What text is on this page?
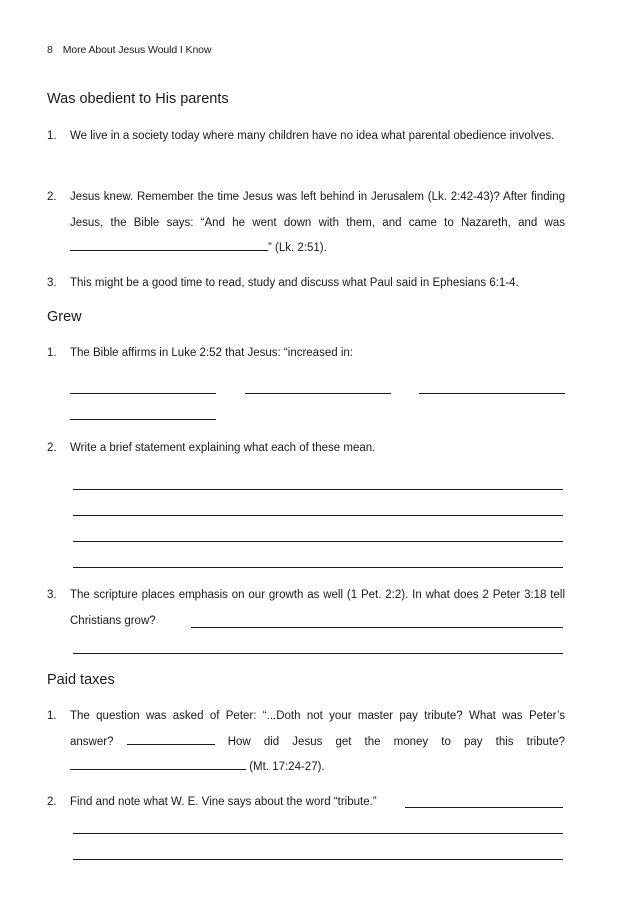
8 More About Jesus Would I Know
Was obedient to His parents
1. We live in a society today where many children have no idea what parental obedience involves.
2. Jesus knew. Remember the time Jesus was left behind in Jerusalem (Lk. 2:42-43)? After finding Jesus, the Bible says: “And he went down with them, and came to Nazareth, and was ” (Lk. 2:51).
3. This might be a good time to read, study and discuss what Paul said in Ephesians 6:1-4.
Grew
1. The Bible affirms in Luke 2:52 that Jesus: “increased in:
2. Write a brief statement explaining what each of these mean.
3. The scripture places emphasis on our growth as well (1 Pet. 2:2). In what does 2 Peter 3:18 tell Christians grow?
Paid taxes
1. The question was asked of Peter: “...Doth not your master pay tribute? What was Peter’s answer?	How did Jesus get the money to pay this tribute?  (Mt. 17:24-27).
2. Find and note what W. E. Vine says about the word “tribute.”
